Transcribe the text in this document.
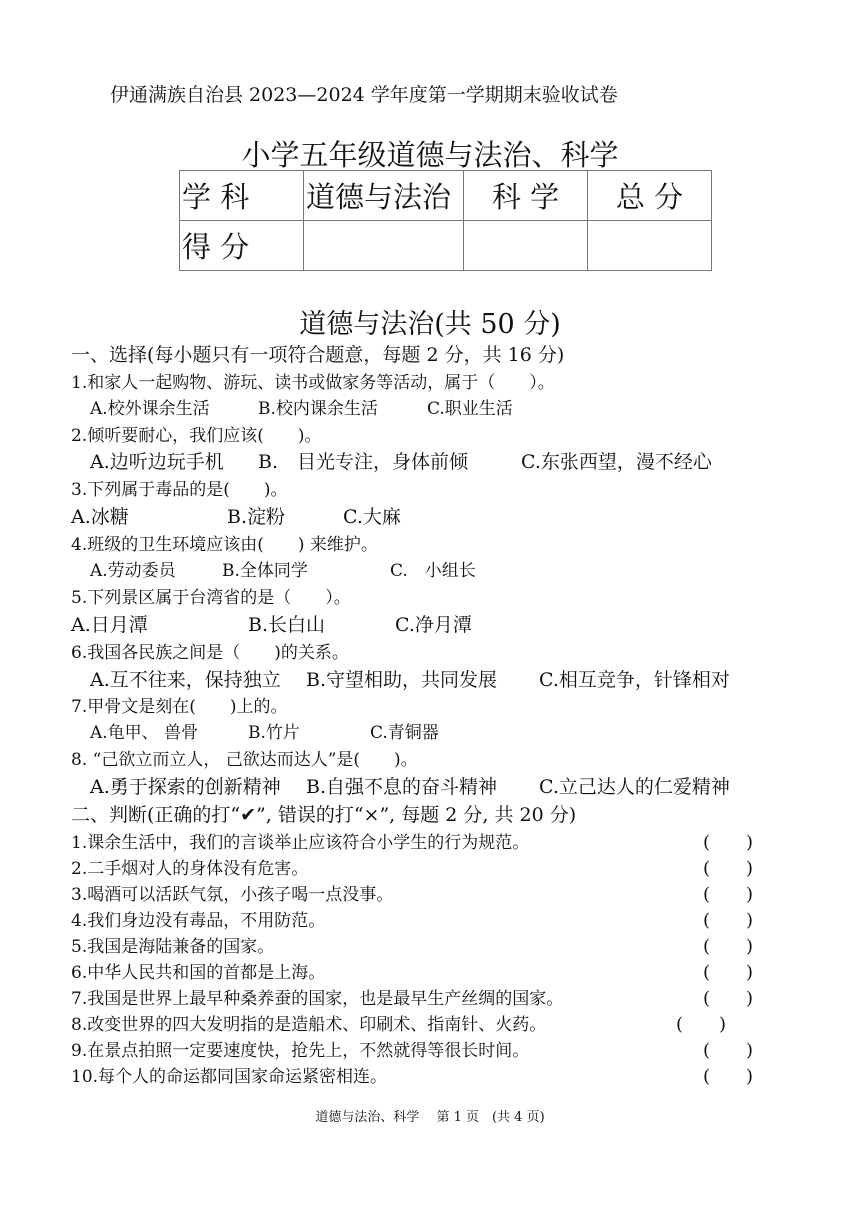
伊通满族自治县 2023—2024 学年度第一学期期末验收试卷
小学五年级道德与法治、科学
学 科	道德与法治	科 学	总 分
得 分			
道德与法治(共 50 分)
一、选择(每小题只有一项符合题意，每题 2 分，共 16 分)
1.和家人一起购物、游玩、读书或做家务等活动，属于（　　）。
A.校外课余生活	B.校内课余生活	C.职业生活
2.倾听要耐心，我们应该(　　)。
A.边听边玩手机 B.　目光专注，身体前倾	C.东张西望，漫不经心
3.下列属于毒品的是(　　)。
A.冰糖	B.淀粉	C.大麻
4.班级的卫生环境应该由(　　) 来维护。
A.劳动委员	B.全体同学	C.　小组长
5.下列景区属于台湾省的是（　　）。
A.日月潭	B.长白山	C.净月潭
6.我国各民族之间是（　　)的关系。
A.互不往来，保持独立 B.守望相助，共同发展 C.相互竞争，针锋相对
7.甲骨文是刻在(　　)上的。
A.龟甲、 兽骨	B.竹片	C.青铜器
8. “己欲立而立人， 己欲达而达人”是(　　)。
A.勇于探索的创新精神 B.自强不息的奋斗精神 C.立己达人的仁爱精神
二、判断(正确的打“✔”, 错误的打“×”, 每题 2 分, 共 20 分)
1.课余生活中，我们的言谈举止应该符合小学生的行为规范。	(　　)
2.二手烟对人的身体没有危害。	(　　)
3.喝酒可以活跃气氛，小孩子喝一点没事。	(　　)
4.我们身边没有毒品，不用防范。	(　　)
5.我国是海陆兼备的国家。	(　　)
6.中华人民共和国的首都是上海。	(　　)
7.我国是世界上最早种桑养蚕的国家，也是最早生产丝绸的国家。	(　　)
8.改变世界的四大发明指的是造船术、印刷术、指南针、火药。	(　　)
9.在景点拍照一定要速度快，抢先上，不然就得等很长时间。	(　　)
10.每个人的命运都同国家命运紧密相连。	(　　)
道德与法治、科学　 第 1 页　(共 4 页)
